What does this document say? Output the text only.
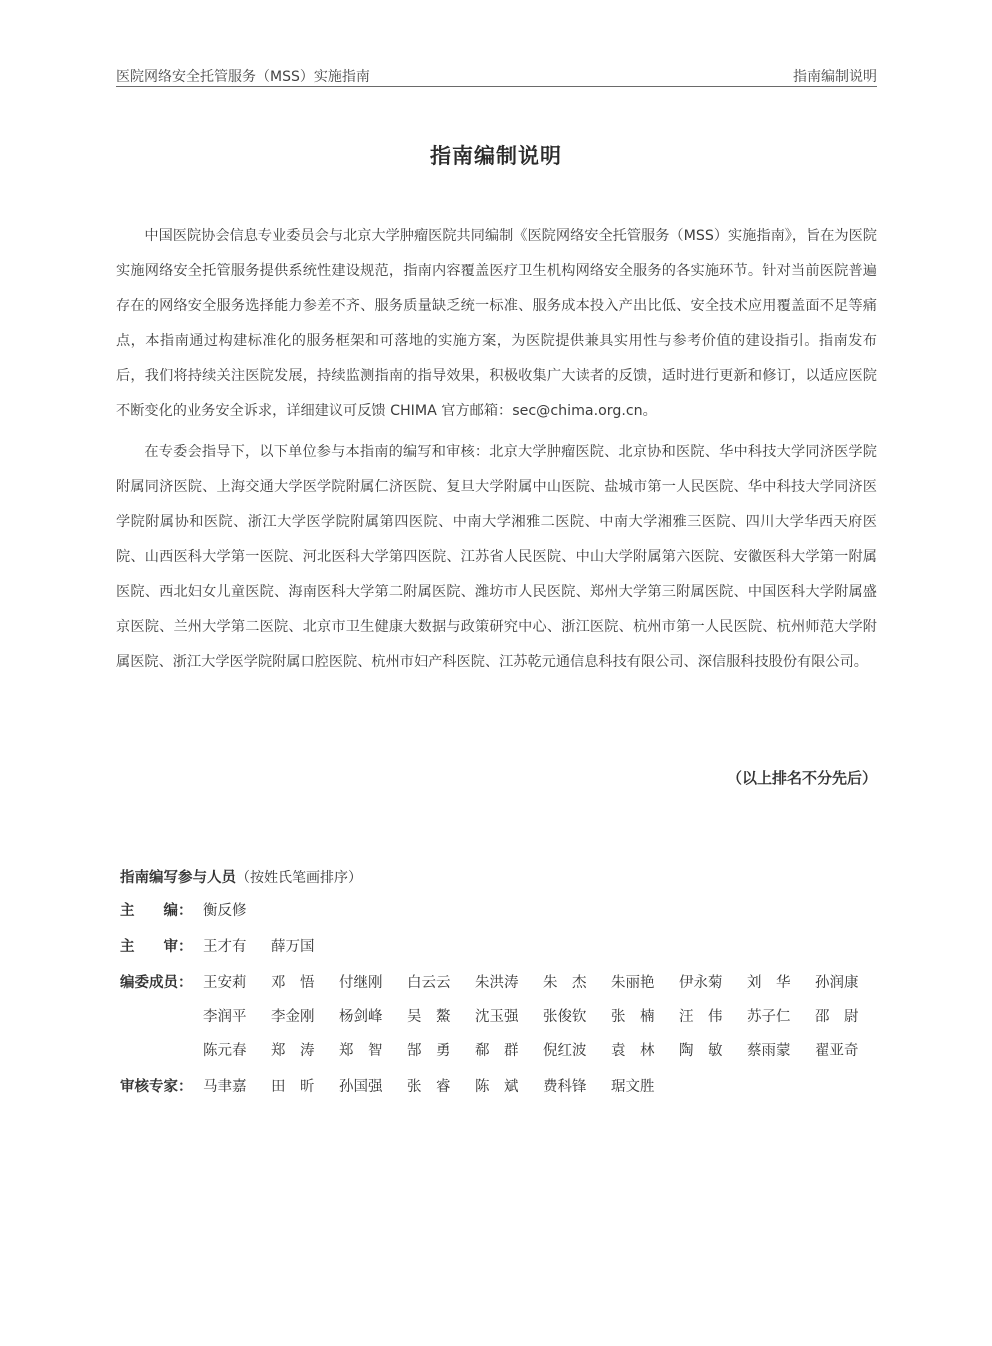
医院网络安全托管服务（MSS）实施指南	指南编制说明
指南编制说明

中国医院协会信息专业委员会与北京大学肿瘤医院共同编制《医院网络安全托管服务（MSS）实施指南》，旨在为医院实施网络安全托管服务提供系统性建设规范，指南内容覆盖医疗卫生机构网络安全服务的各实施环节。针对当前医院普遍存在的网络安全服务选择能力参差不齐、服务质量缺乏统一标准、服务成本投入产出比低、安全技术应用覆盖面不足等痛点，本指南通过构建标准化的服务框架和可落地的实施方案，为医院提供兼具实用性与参考价值的建设指引。指南发布后，我们将持续关注医院发展，持续监测指南的指导效果，积极收集广大读者的反馈，适时进行更新和修订，以适应医院不断变化的业务安全诉求，详细建议可反馈 CHIMA 官方邮箱：sec@chima.org.cn。

在专委会指导下，以下单位参与本指南的编写和审核：北京大学肿瘤医院、北京协和医院、华中科技大学同济医学院附属同济医院、上海交通大学医学院附属仁济医院、复旦大学附属中山医院、盐城市第一人民医院、华中科技大学同济医学院附属协和医院、浙江大学医学院附属第四医院、中南大学湘雅二医院、中南大学湘雅三医院、四川大学华西天府医院、山西医科大学第一医院、河北医科大学第四医院、江苏省人民医院、中山大学附属第六医院、安徽医科大学第一附属医院、西北妇女儿童医院、海南医科大学第二附属医院、潍坊市人民医院、郑州大学第三附属医院、中国医科大学附属盛京医院、兰州大学第二医院、北京市卫生健康大数据与政策研究中心、浙江医院、杭州市第一人民医院、杭州师范大学附属医院、浙江大学医学院附属口腔医院、杭州市妇产科医院、江苏乾元通信息科技有限公司、深信服科技股份有限公司。

（以上排名不分先后）
指南编写参与人员（按姓氏笔画排序）
主　　编： 衡反修
主　　审： 王才有	薛万国
编委成员： 王安莉	邓　悟	付继刚	白云云	朱洪涛	朱　杰	朱丽艳	伊永菊	刘　华	孙润康
李润平	李金刚	杨剑峰	吴　鰲	沈玉强	张俊钦	张　楠	汪　伟	苏子仁	邵　尉
陈元春	郑　涛	郑　智	郜　勇	郗　群	倪红波	袁　林	陶　敏	蔡雨蒙	翟亚奇
审核专家： 马聿嘉	田　昕	孙国强	张　睿	陈　斌	费科锋	琚文胜
